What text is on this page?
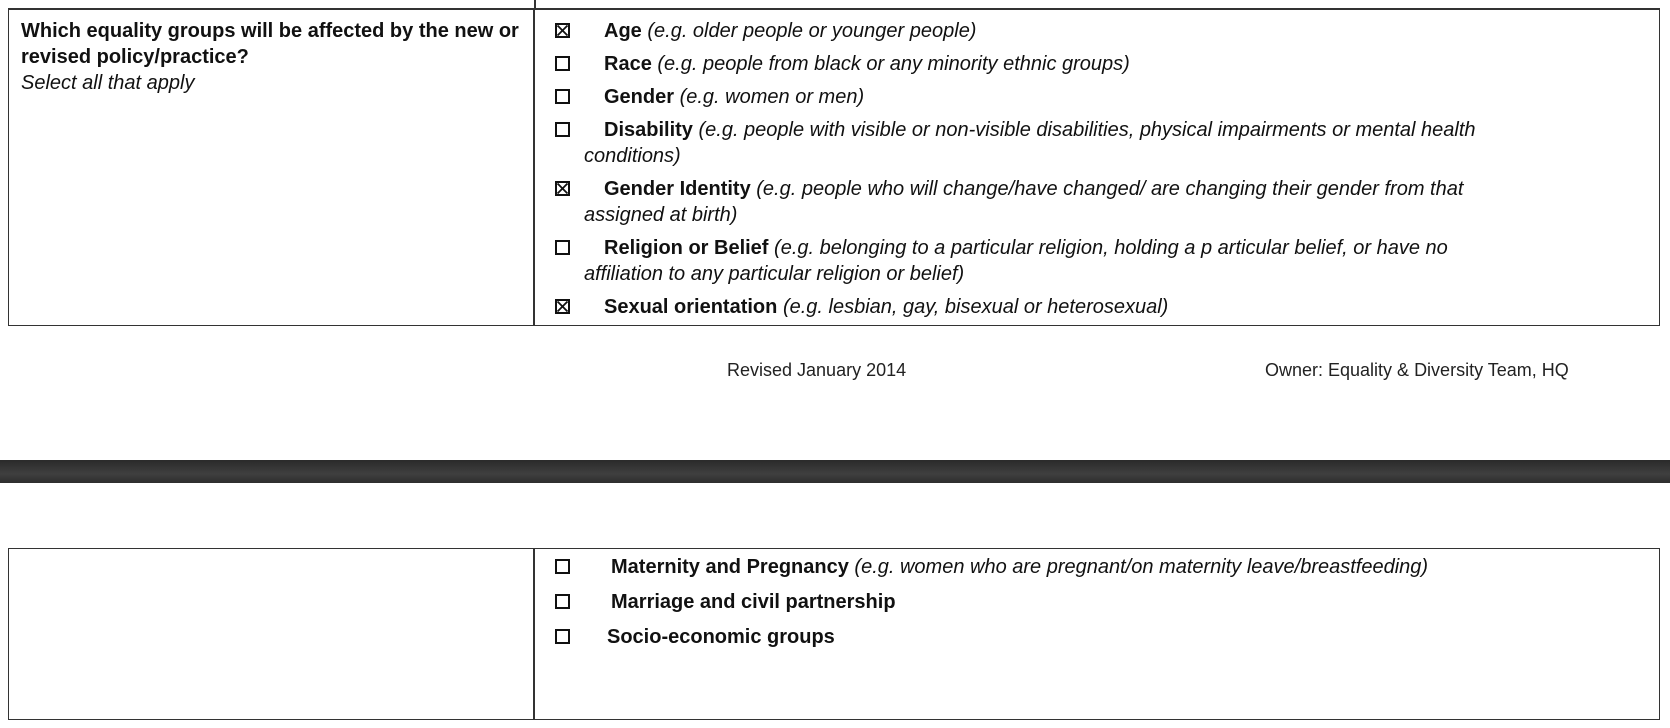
Which equality groups will be affected by the new or revised policy/practice?
Select all that apply
Age (e.g. older people or younger people)
Race (e.g. people from black or any minority ethnic groups)
Gender (e.g. women or men)
Disability (e.g. people with visible or non-visible disabilities, physical impairments or mental health
conditions)
Gender Identity (e.g. people who will change/have changed/ are changing their gender from that
assigned at birth)
Religion or Belief (e.g. belonging to a particular religion, holding a p articular belief, or have no
affiliation to any particular religion or belief)
Sexual orientation (e.g. lesbian, gay, bisexual or heterosexual)
Revised January 2014	Owner: Equality & Diversity Team, HQ
Maternity and Pregnancy (e.g. women who are pregnant/on maternity leave/breastfeeding)
Marriage and civil partnership
Socio-economic groups
